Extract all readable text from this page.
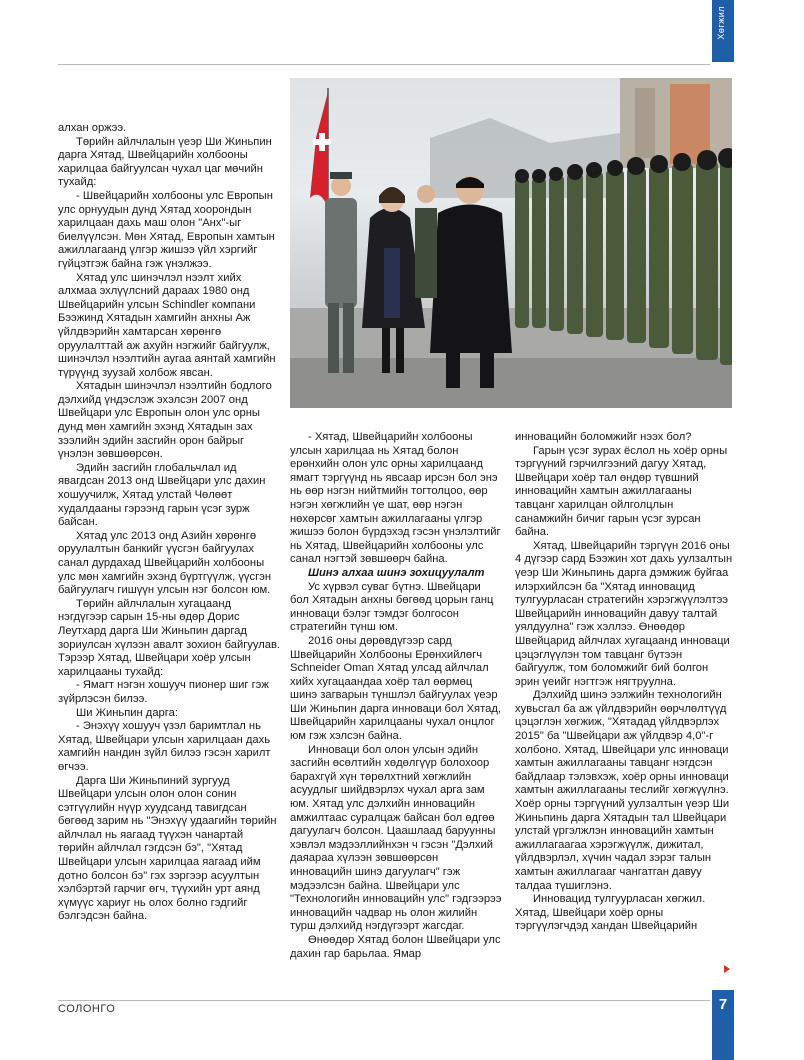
Хөгжил

алхан оржээ.

Төрийн айлчлалын үеэр Ши Жиньпин дарга Хятад, Швейцарийн холбооны харилцаа байгуулсан чухал цаг мөчийн тухайд:

- Швейцарийн холбооны улс Европын улс орнуудын дунд Хятад хоорондын харилцаан дахь маш олон "Анх"-ыг биелүүлсэн. Мөн Хятад, Европын хамтын ажиллагаанд үлгэр жишээ үйл хэргийг гүйцэтгэж байна гэж үнэлжээ.

Хятад улс шинэчлэл нээлт хийх алхмаа эхлүүлсний дараах 1980 онд Швейцарийн улсын Schindler компани Бээжинд Хятадын хамгийн анхны Аж үйлдвэрийн хамтарсан хөрөнгө оруулалттай аж ахуйн нэгжийг байгуулж, шинэчлэл нээлтийн аугаа аянтай хамгийн түрүүнд зуузай холбож явсан.

Хятадын шинэчлэл нээлтийн бодлого дэлхийд үндэслэж эхэлсэн 2007 онд Швейцари улс Европын олон улс орны дунд мөн хамгийн эхэнд Хятадын зах зээлийн эдийн засгийн орон байрыг үнэлэн зөвшөөрсөн.

Эдийн засгийн глобальчлал ид явагдсан 2013 онд Швейцари улс дахин хошуучилж, Хятад улстай Чөлөөт худалдааны гэрээнд гарын үсэг зурж байсан.

Хятад улс 2013 онд Азийн хөрөнгө оруулалтын банкийг үүсгэн байгуулах санал дурдахад Швейцарийн холбооны улс мөн хамгийн эхэнд бүртгүүлж, үүсгэн байгуулагч гишүүн улсын нэг болсон юм.

Төрийн айлчлалын хугацаанд нэгдүгээр сарын 15-ны өдөр Дорис Леутхард дарга Ши Жиньпин даргад зориулсан хүлээн авалт зохион байгуулав. Тэрээр Хятад, Швейцари хоёр улсын харилцааны тухайд:

- Ямагт нэгэн хошууч пионер шиг гэж зүйрлэсэн билээ.

Ши Жиньпин дарга:

- Энэхүү хошууч үзэл баримтлал нь Хятад, Швейцари улсын харилцаан дахь хамгийн нандин зүйл билээ гэсэн харилт өгчээ.

Дарга Ши Жиньпиний зургууд Швейцари улсын олон олон сонин сэтгүүлийн нүүр хуудсанд тавигдсан бөгөөд зарим нь "Энэхүү удаагийн төрийн айлчлал нь яагаад түүхэн чанартай төрийн айлчлал гэгдсэн бэ", "Хятад Швейцари улсын харилцаа яагаад ийм дотно болсон бэ" гэх зэргээр асуултын хэлбэртэй гарчиг өгч, түүхийн урт аянд хүмүүс хариуг нь олох болно гэдгийг бэлгэдсэн байна.

- Хятад, Швейцарийн холбооны улсын харилцаа нь Хятад болон ерөнхийн олон улс орны харилцаанд ямагт тэргүүнд нь явсаар ирсэн бол энэ нь өөр нэгэн нийтмийн тогтолцоо, өөр нэгэн хөгжлийн үе шат, өөр нэгэн нөхөрсөг хамтын ажиллагааны үлгэр жишээ болон бүрдэхэд гэсэн үнэлэлтийг нь Хятад, Швейцарийн холбооны улс санал нэгтэй зөвшөөрч байна.

Шинэ алхаа шинэ зохицуулалт

Ус хүрвэл суваг бүтнэ. Швейцари бол Хятадын анхны бөгөөд цорын ганц инноваци бэлэг тэмдэг болгосон стратегийн түнш юм.

2016 оны дөрөвдүгээр сард Швейцарийн Холбооны Ерөнхийлөгч Schneider Oman Хятад улсад айлчлал хийх хугацаандаа хоёр тал өөрмөц шинэ загварын түншлэл байгуулах үеэр Ши Жиньпин дарга инноваци бол Хятад, Швейцарийн харилцааны чухал онцлог юм гэж хэлсэн байна.

Инноваци бол олон улсын эдийн засгийн өсөлтийн хөдөлгүүр болохоор барахгүй хүн төрөлхтний хөгжлийн асуудлыг шийдвэрлэх чухал арга зам юм. Хятад улс дэлхийн инновацийн амжилтаас суралцаж байсан бол өдгөө дагуулагч болсон. Цаашлаад баруунны хэвлэл мэдээллийнхэн ч гэсэн "Дэлхий даяараа хүлээн зөвшөөрсөн инновацийн шинэ дагуулагч" гэж мэдээлсэн байна. Швейцари улс "Технологийн инновацийн улс" гэдгээрээ инновацийн чадвар нь олон жилийн турш дэлхийд нэгдүгээрт жагсдаг.

Өнөөдөр Хятад болон Швейцари улс дахин гар барьлаа. Ямар

инновацийн боломжийг нээх бол?

Гарын үсэг зурах ёслол нь хоёр орны тэргүүний гэрчилгээний дагуу Хятад, Швейцари хоёр тал өндөр түвшний инновацийн хамтын ажиллагааны тавцанг харилцан ойлголцлын санамжийн бичиг гарын үсэг зурсан байна.

Хятад, Швейцарийн тэргүүн 2016 оны 4 дүгээр сард Бээжин хот дахь уулзалтын үеэр Ши Жиньпинь дарга дэмжиж буйгаа илэрхийлсэн ба "Хятад инновацид тулгуурласан стратегийн хэрэгжүүлэлтээ Швейцарийн инновацийн давуу талтай уялдуулна" гэж хэллээ. Өнөөдөр Швейцарид айлчлах хугацаанд инноваци цэцэглүүлэн том тавцанг бүтээн байгуулж, том боломжийг бий болгон эрин үеийг нэгтгэж нягтруулна.

Дэлхийд шинэ ээлжийн технологийн хувьсгал ба аж үйлдвэрийн өөрчлөлтүүд цэцэглэн хөгжиж, "Хятадад үйлдвэрлэх 2015" ба "Швейцари аж үйлдвэр 4,0"-г холбоно. Хятад, Швейцари улс инноваци хамтын ажиллагааны тавцанг нэгдсэн байдлаар тэлэвхэж, хоёр орны инноваци хамтын ажиллагааны теслийг хөгжүүлнэ. Хоёр орны тэргүүний уулзалтын үеэр Ши Жиньпинь дарга Хятадын тал Швейцари улстай үргэлжлэн инновацийн хамтын ажиллагаагаа хэрэгжүүлж, дижитал, үйлдвэрлэл, хүчин чадал зэрэг талын хамтын ажиллагааг чангатган давуу талдаа түшиглэнэ.

Инновацид тулгуурласан хөгжил. Хятад, Швейцари хоёр орны тэргүүлэгчдэд хандан Швейцарийн

СОЛОНГО	7
